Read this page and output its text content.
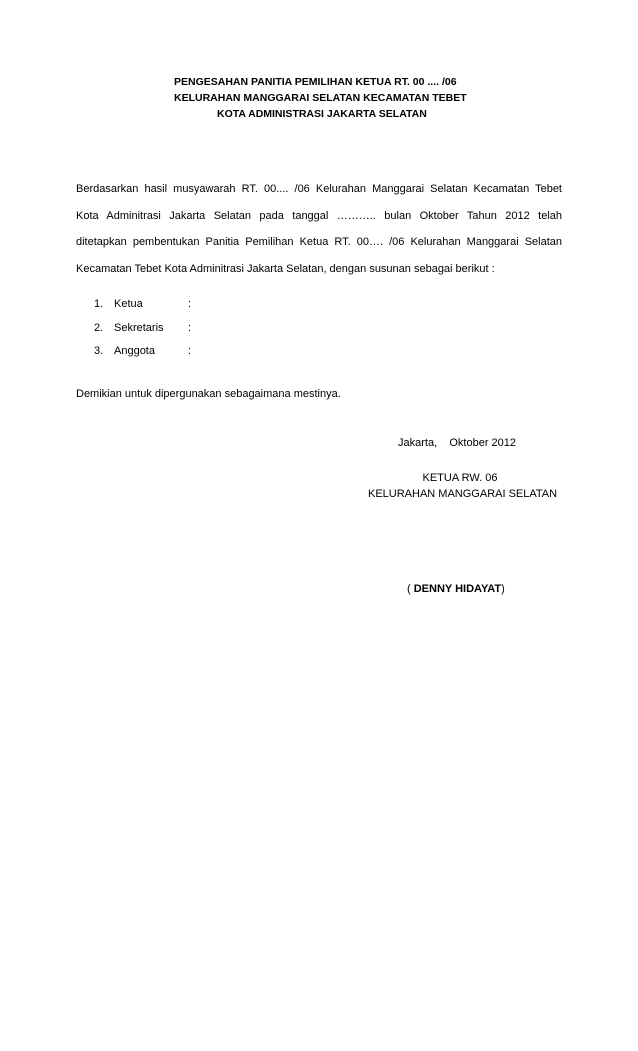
PENGESAHAN PANITIA PEMILIHAN KETUA RT. 00 .... /06
KELURAHAN MANGGARAI SELATAN KECAMATAN TEBET
KOTA ADMINISTRASI JAKARTA SELATAN
Berdasarkan hasil musyawarah RT. 00.... /06 Kelurahan Manggarai Selatan Kecamatan Tebet
Kota Adminitrasi Jakarta Selatan pada tanggal ……….. bulan Oktober Tahun 2012 telah
ditetapkan pembentukan Panitia Pemilihan Ketua RT. 00…. /06 Kelurahan Manggarai Selatan
Kecamatan Tebet Kota Adminitrasi Jakarta Selatan, dengan susunan sebagai berikut :
1. Ketua	:
2. Sekretaris :
3. Anggota	:
Demikian untuk dipergunakan sebagaimana mestinya.
Jakarta,    Oktober 2012
KETUA RW. 06
KELURAHAN MANGGARAI SELATAN
( DENNY HIDAYAT)
